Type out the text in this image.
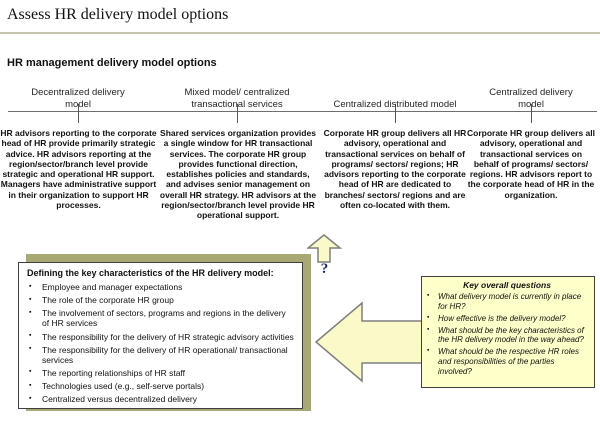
Assess HR delivery model options
HR management delivery model options
Decentralized delivery model
Mixed model/ centralized transactional services	Centralized distributed model
Centralized delivery model
HR advisors reporting to the corporate head of HR provide primarily strategic advice. HR advisors reporting at the region/sector/branch level provide strategic and operational HR support. Managers have administrative support in their organization to support HR processes.
Shared services organization provides a single window for HR transactional services. The corporate HR group provides functional direction, establishes policies and standards, and advises senior management on overall HR strategy. HR advisors at the region/sector/branch level provide HR operational support.
Corporate HR group delivers all HR advisory, operational and transactional services on behalf of programs/ sectors/ regions; HR advisors reporting to the corporate head of HR are dedicated to branches/ sectors/ regions and are often co-located with them.
Corporate HR group delivers all advisory, operational and transactional services on behalf of programs/ sectors/ regions. HR advisors report to the corporate head of HR in the organization.
?
Defining the key characteristics of the HR delivery model:
▪ Employee and manager expectations
▪ The role of the corporate HR group
▪ The involvement of sectors, programs and regions in the delivery of HR services
▪ The responsibility for the delivery of HR strategic advisory activities
▪ The responsibility for the delivery of HR operational/ transactional services
▪ The reporting relationships of HR staff
▪ Technologies used (e.g., self-serve portals)
▪ Centralized versus decentralized delivery
Key overall questions
▪ What delivery model is currently in place for HR?
▪ How effective is the delivery model?
▪ What should be the key characteristics of the HR delivery model in the way ahead?
▪ What should be the respective HR roles and responsibilities of the parties involved?
